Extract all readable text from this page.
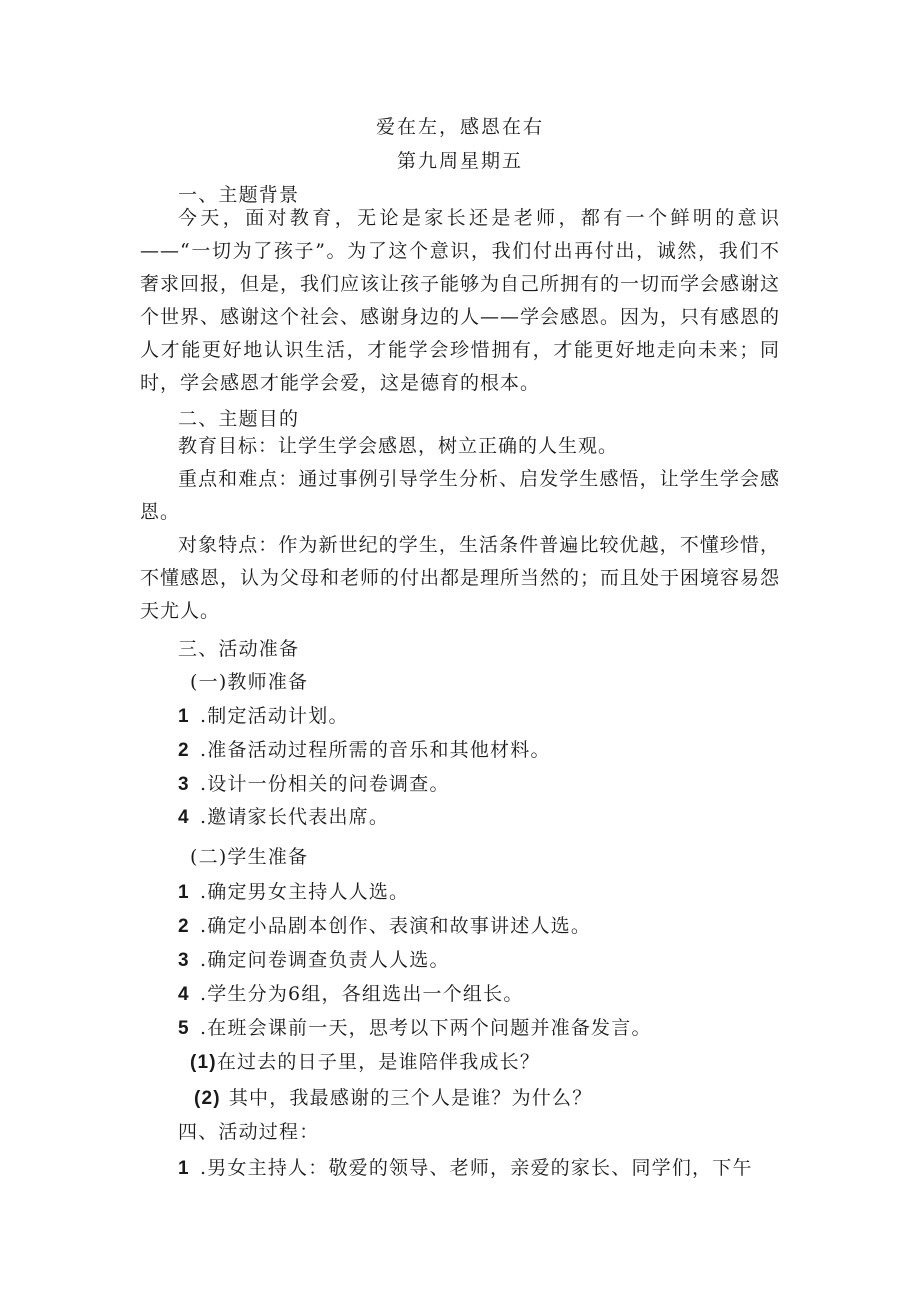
爱在左，感恩在右
第九周星期五
一、主题背景
今天，面对教育，无论是家长还是老师，都有一个鲜明的意识——“一切为了孩子”。为了这个意识，我们付出再付出，诚然，我们不奢求回报，但是，我们应该让孩子能够为自己所拥有的一切而学会感谢这个世界、感谢这个社会、感谢身边的人——学会感恩。因为，只有感恩的人才能更好地认识生活，才能学会珍惜拥有，才能更好地走向未来；同时，学会感恩才能学会爱，这是德育的根本。
二、主题目的
教育目标：让学生学会感恩，树立正确的人生观。
重点和难点：通过事例引导学生分析、启发学生感悟，让学生学会感恩。
对象特点：作为新世纪的学生，生活条件普遍比较优越，不懂珍惜，不懂感恩，认为父母和老师的付出都是理所当然的；而且处于困境容易怨天尤人。
三、活动准备
(一)教师准备
1 .制定活动计划。
2 .准备活动过程所需的音乐和其他材料。
3 .设计一份相关的问卷调查。
4 .邀请家长代表出席。
(二)学生准备
1 .确定男女主持人人选。
2 .确定小品剧本创作、表演和故事讲述人选。
3 .确定问卷调查负责人人选。
4 .学生分为6组，各组选出一个组长。
5 .在班会课前一天，思考以下两个问题并准备发言。
(1)在过去的日子里，是谁陪伴我成长？
(2) 其中，我最感谢的三个人是谁？为什么？
四、活动过程：
1 .男女主持人：敬爱的领导、老师，亲爱的家长、同学们，下午
